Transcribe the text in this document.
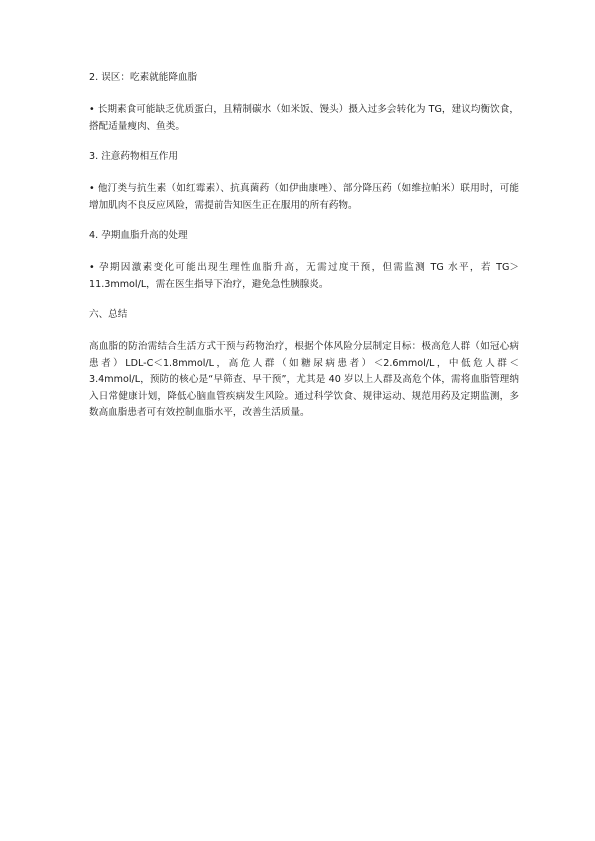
2. 误区：吃素就能降血脂
• 长期素食可能缺乏优质蛋白，且精制碳水（如米饭、馒头）摄入过多会转化为 TG，建议均衡饮食，搭配适量瘦肉、鱼类。
3. 注意药物相互作用
• 他汀类与抗生素（如红霉素）、抗真菌药（如伊曲康唑）、部分降压药（如维拉帕米）联用时，可能增加肌肉不良反应风险，需提前告知医生正在服用的所有药物。
4. 孕期血脂升高的处理
• 孕期因激素变化可能出现生理性血脂升高，无需过度干预，但需监测 TG 水平，若 TG＞11.3mmol/L，需在医生指导下治疗，避免急性胰腺炎。
六、总结
高血脂的防治需结合生活方式干预与药物治疗，根据个体风险分层制定目标：极高危人群（如冠心病患者）LDL-C＜1.8mmol/L，高危人群（如糖尿病患者）＜2.6mmol/L，中低危人群＜3.4mmol/L，预防的核心是“早筛查、早干预”，尤其是 40 岁以上人群及高危个体，需将血脂管理纳入日常健康计划，降低心脑血管疾病发生风险。通过科学饮食、规律运动、规范用药及定期监测，多数高血脂患者可有效控制血脂水平，改善生活质量。
